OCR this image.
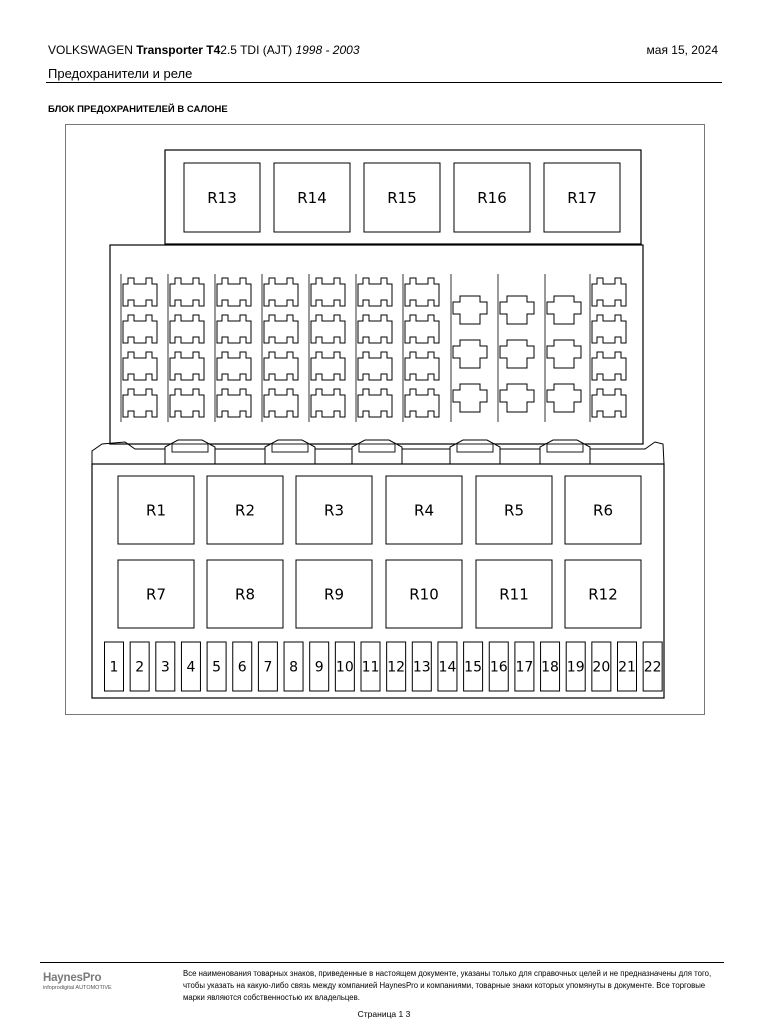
VOLKSWAGEN Transporter T42.5 TDI (AJT) 1998 - 2003	мая 15, 2024
Предохранители и реле
БЛОК ПРЕДОХРАНИТЕЛЕЙ В САЛОНЕ
R13	R14	R15	R16	R17
R1	R2	R3	R4	R5	R6
R7	R8	R9	R10	R11	R12
1 2 3 4 5 6 7 8 9 10 11 12 13 14 15 16 17 18 19 20 21 22
HaynesPro
infoprodigital AUTOMOTIVE
Все наименования товарных знаков, приведенные в настоящем документе, указаны только для справочных целей и не предназначены для того, чтобы указать на какую-либо связь между компанией HaynesPro и компаниями, товарные знаки которых упомянуты в документе. Все торговые марки являются собственностью их владельцев.
Страница 1 3
